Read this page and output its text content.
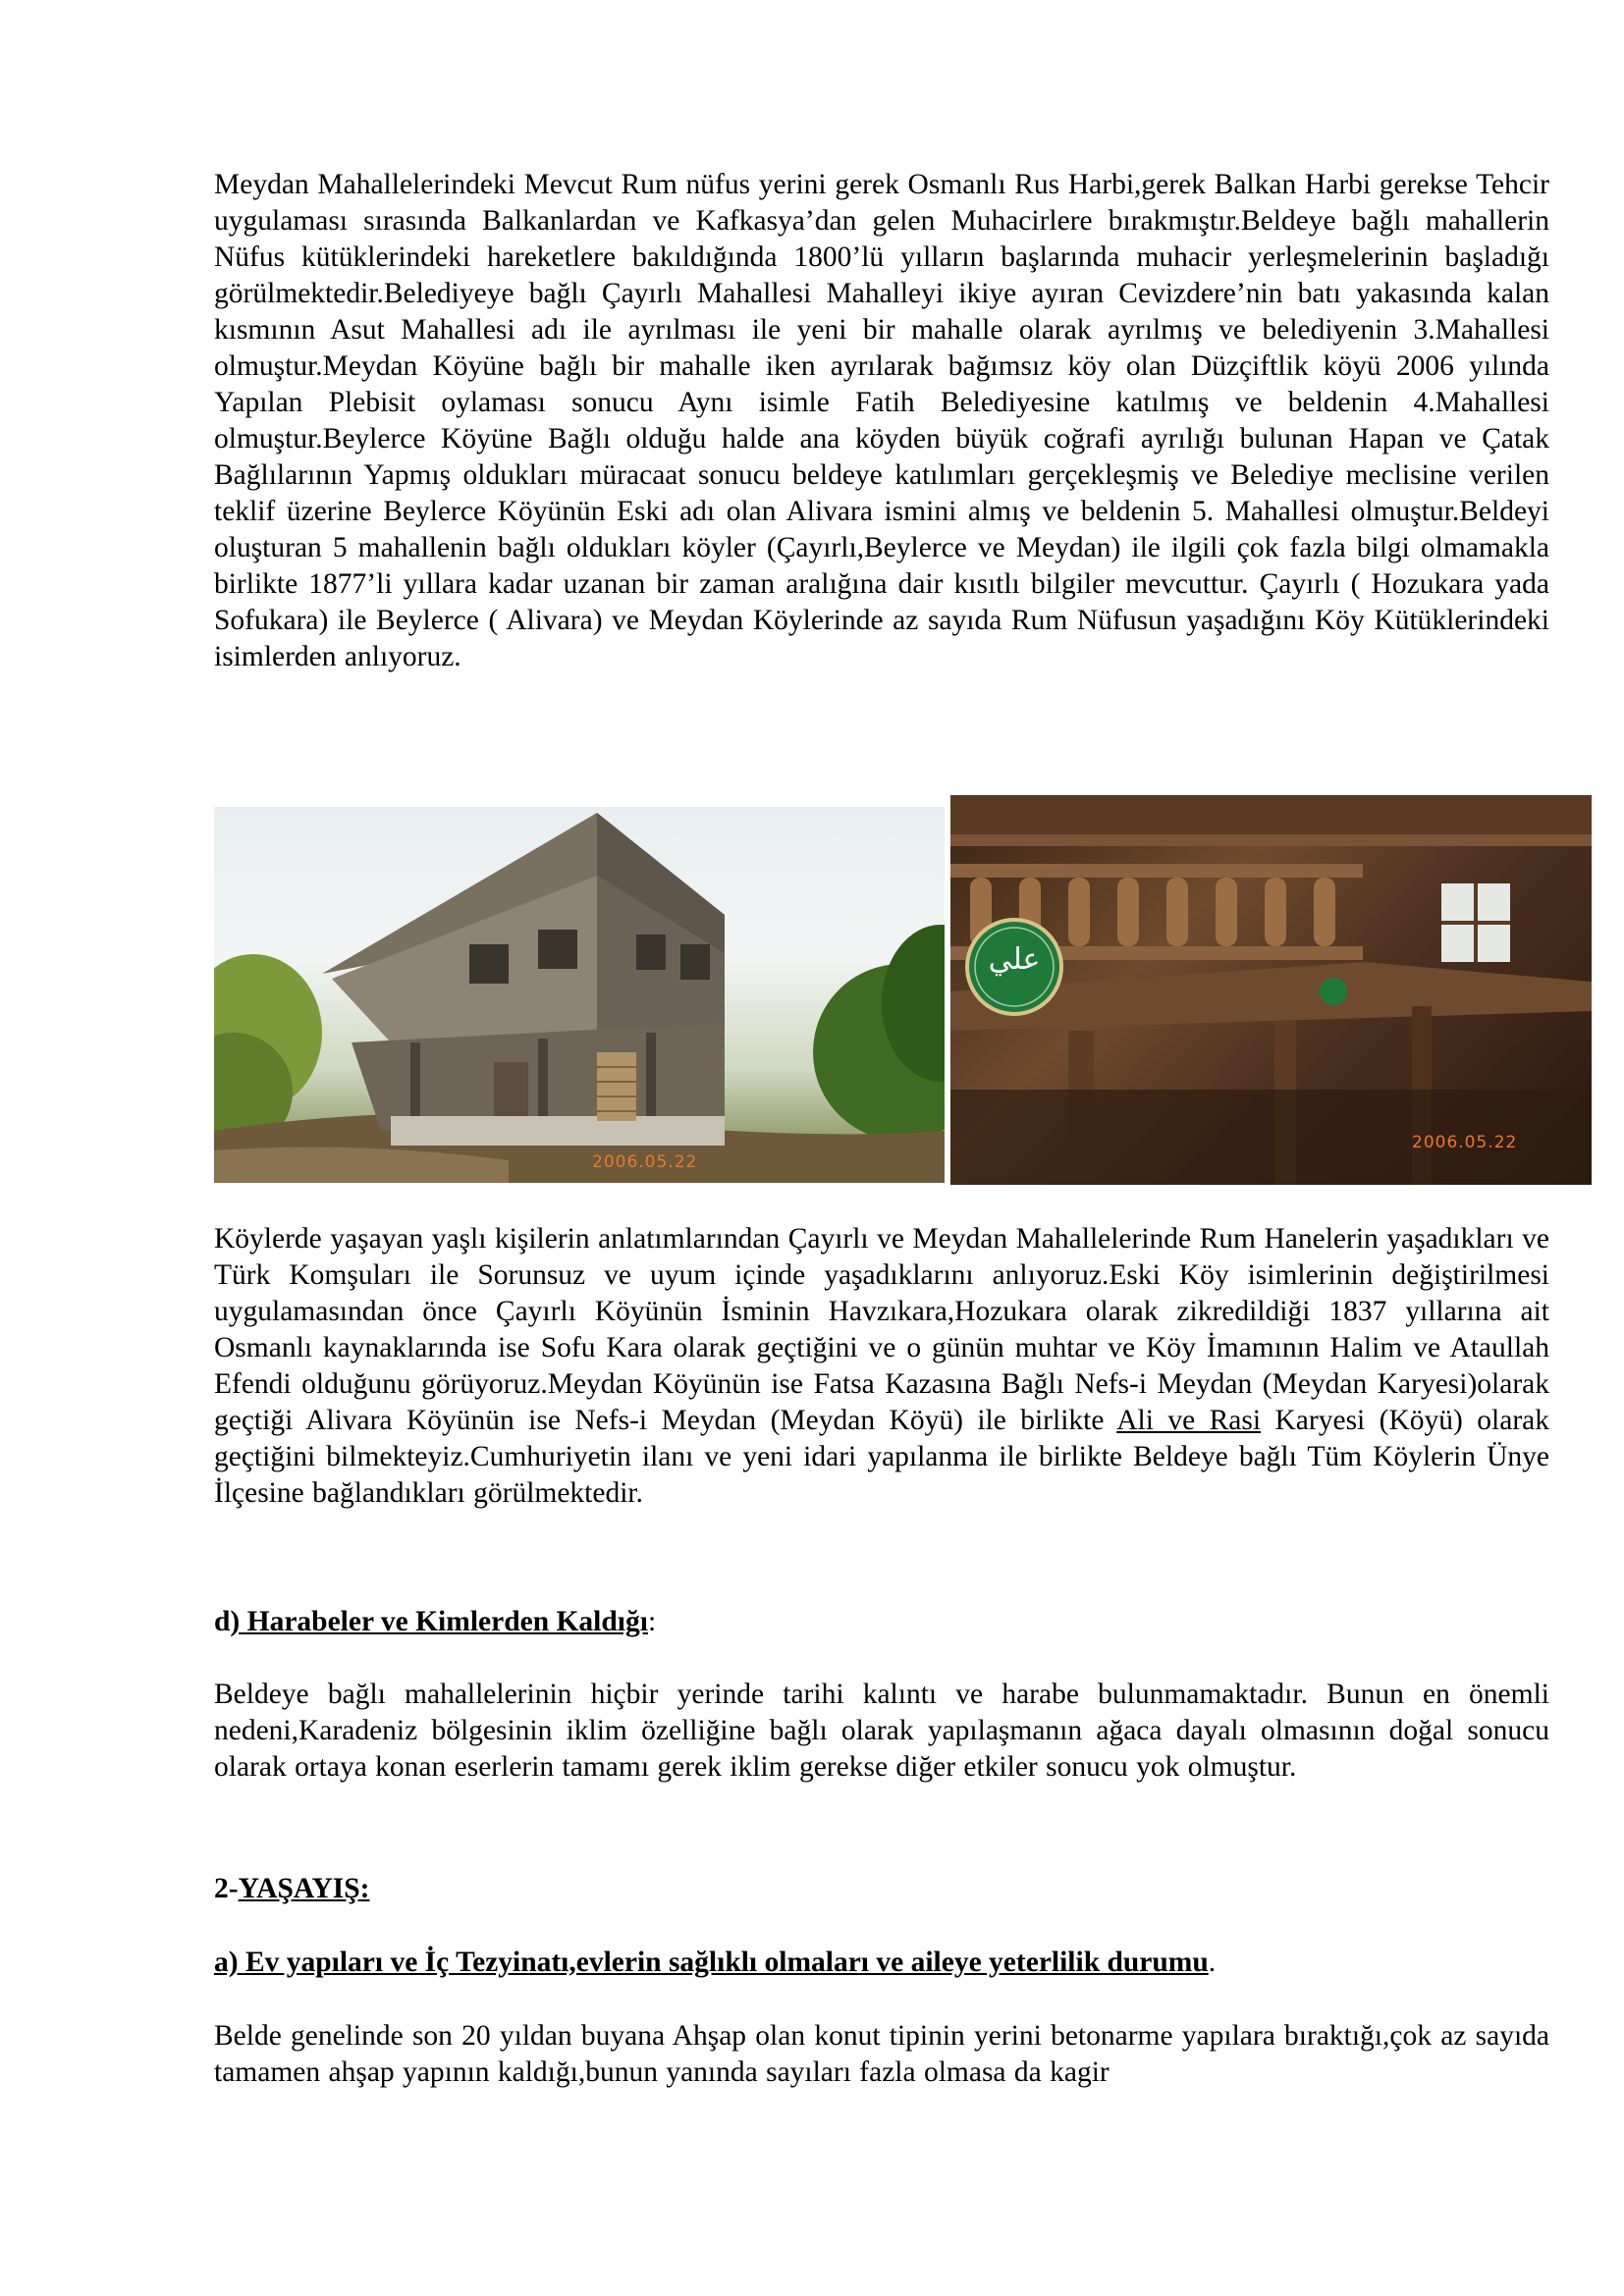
Meydan Mahallelerindeki Mevcut Rum nüfus yerini gerek Osmanlı Rus Harbi,gerek Balkan Harbi gerekse Tehcir uygulaması sırasında Balkanlardan ve Kafkasya’dan gelen Muhacirlere bırakmıştır.Beldeye bağlı mahallerin Nüfus kütüklerindeki hareketlere bakıldığında 1800’lü yılların başlarında muhacir yerleşmelerinin başladığı görülmektedir.Belediyeye bağlı Çayırlı Mahallesi Mahalleyi ikiye ayıran Cevizdere’nin batı yakasında kalan kısmının Asut Mahallesi adı ile ayrılması ile yeni bir mahalle olarak ayrılmış ve belediyenin 3.Mahallesi olmuştur.Meydan Köyüne bağlı bir mahalle iken ayrılarak bağımsız köy olan Düzçiftlik köyü 2006 yılında Yapılan Plebisit oylaması sonucu Aynı isimle Fatih Belediyesine katılmış ve beldenin 4.Mahallesi olmuştur.Beylerce Köyüne Bağlı olduğu halde ana köyden büyük coğrafi ayrılığı bulunan Hapan ve Çatak Bağlılarının Yapmış oldukları müracaat sonucu beldeye katılımları gerçekleşmiş ve Belediye meclisine verilen teklif üzerine Beylerce Köyünün Eski adı olan Alivara ismini almış ve beldenin 5. Mahallesi olmuştur.Beldeyi oluşturan 5 mahallenin bağlı oldukları köyler (Çayırlı,Beylerce ve Meydan) ile ilgili çok fazla bilgi olmamakla birlikte 1877’li yıllara kadar uzanan bir zaman aralığına dair kısıtlı bilgiler mevcuttur. Çayırlı ( Hozukara yada Sofukara) ile Beylerce ( Alivara) ve Meydan Köylerinde az sayıda Rum Nüfusun yaşadığını Köy Kütüklerindeki isimlerden anlıyoruz.

2006.05.22
علي
2006.05.22

Köylerde yaşayan yaşlı kişilerin anlatımlarından Çayırlı ve Meydan Mahallelerinde Rum Hanelerin yaşadıkları ve Türk Komşuları ile Sorunsuz ve uyum içinde yaşadıklarını anlıyoruz.Eski Köy isimlerinin değiştirilmesi uygulamasından önce Çayırlı Köyünün İsminin Havzıkara,Hozukara olarak zikredildiği 1837 yıllarına ait Osmanlı kaynaklarında ise Sofu Kara olarak geçtiğini ve o günün muhtar ve Köy İmamının Halim ve Ataullah Efendi olduğunu görüyoruz.Meydan Köyünün ise Fatsa Kazasına Bağlı Nefs-i Meydan (Meydan Karyesi)olarak geçtiği Alivara Köyünün ise Nefs-i Meydan (Meydan Köyü) ile birlikte Ali ve Rasi Karyesi (Köyü) olarak geçtiğini bilmekteyiz.Cumhuriyetin ilanı ve yeni idari yapılanma ile birlikte Beldeye bağlı Tüm Köylerin Ünye İlçesine bağlandıkları görülmektedir.

d) Harabeler ve Kimlerden Kaldığı:

Beldeye bağlı mahallelerinin hiçbir yerinde tarihi kalıntı ve harabe bulunmamaktadır. Bunun en önemli nedeni,Karadeniz bölgesinin iklim özelliğine bağlı olarak yapılaşmanın ağaca dayalı olmasının doğal sonucu olarak ortaya konan eserlerin tamamı gerek iklim gerekse diğer etkiler sonucu yok olmuştur.

2-YAŞAYIŞ:

a) Ev yapıları ve İç Tezyinatı,evlerin sağlıklı olmaları ve aileye yeterlilik durumu.

Belde genelinde son 20 yıldan buyana Ahşap olan konut tipinin yerini betonarme yapılara bıraktığı,çok az sayıda tamamen ahşap yapının kaldığı,bunun yanında sayıları fazla olmasa da kagir
